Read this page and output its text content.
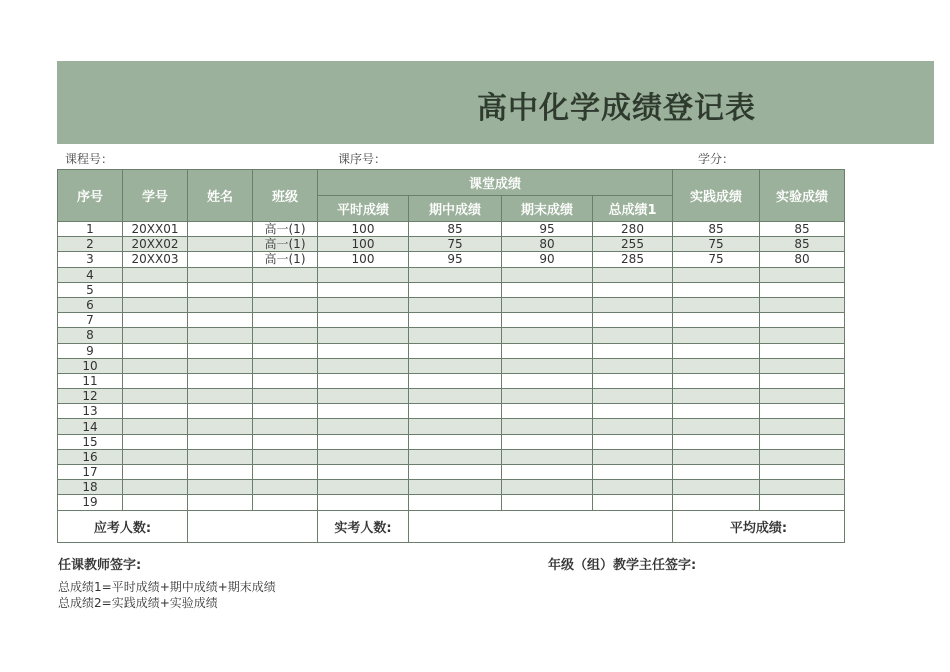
高中化学成绩登记表
课程号：	课序号：	学分：
序号	学号	姓名	班级	课堂成绩				实践成绩	实验成绩
				平时成绩	期中成绩	期末成绩	总成绩1		
1	20XX01		高一(1)	100	85	95	280	85	85
2	20XX02		高一(1)	100	75	80	255	75	85
3	20XX03		高一(1)	100	95	90	285	75	80
4									
5									
6									
7									
8									
9									
10									
11									
12									
13									
14									
15									
16									
17									
18									
19									
应考人数:				实考人数:				平均成绩:	
任课教师签字:	年级（组）教学主任签字:
总成绩1=平时成绩+期中成绩+期末成绩
总成绩2=实践成绩+实验成绩
